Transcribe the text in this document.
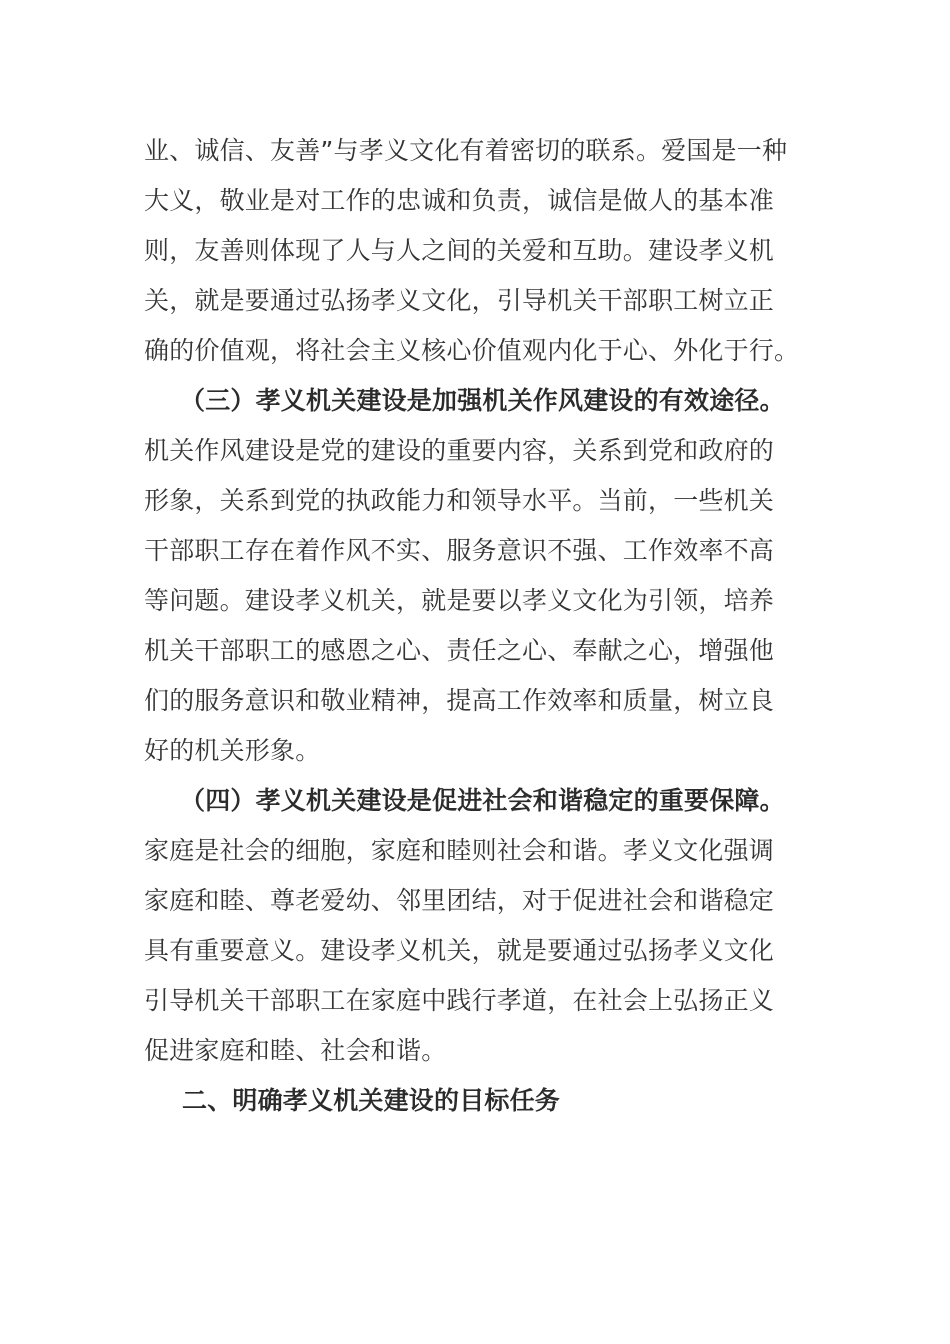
业、诚信、友善”与孝义文化有着密切的联系。爱国是一种
大义，敬业是对工作的忠诚和负责，诚信是做人的基本准
则，友善则体现了人与人之间的关爱和互助。建设孝义机
关，就是要通过弘扬孝义文化，引导机关干部职工树立正
确的价值观，将社会主义核心价值观内化于心、外化于行。
（三）孝义机关建设是加强机关作风建设的有效途径。
机关作风建设是党的建设的重要内容，关系到党和政府的
形象，关系到党的执政能力和领导水平。当前，一些机关
干部职工存在着作风不实、服务意识不强、工作效率不高
等问题。建设孝义机关，就是要以孝义文化为引领，培养
机关干部职工的感恩之心、责任之心、奉献之心，增强他
们的服务意识和敬业精神，提高工作效率和质量，树立良
好的机关形象。
（四）孝义机关建设是促进社会和谐稳定的重要保障。
家庭是社会的细胞，家庭和睦则社会和谐。孝义文化强调
家庭和睦、尊老爱幼、邻里团结，对于促进社会和谐稳定
具有重要意义。建设孝义机关，就是要通过弘扬孝义文化
引导机关干部职工在家庭中践行孝道，在社会上弘扬正义
促进家庭和睦、社会和谐。
二、明确孝义机关建设的目标任务
